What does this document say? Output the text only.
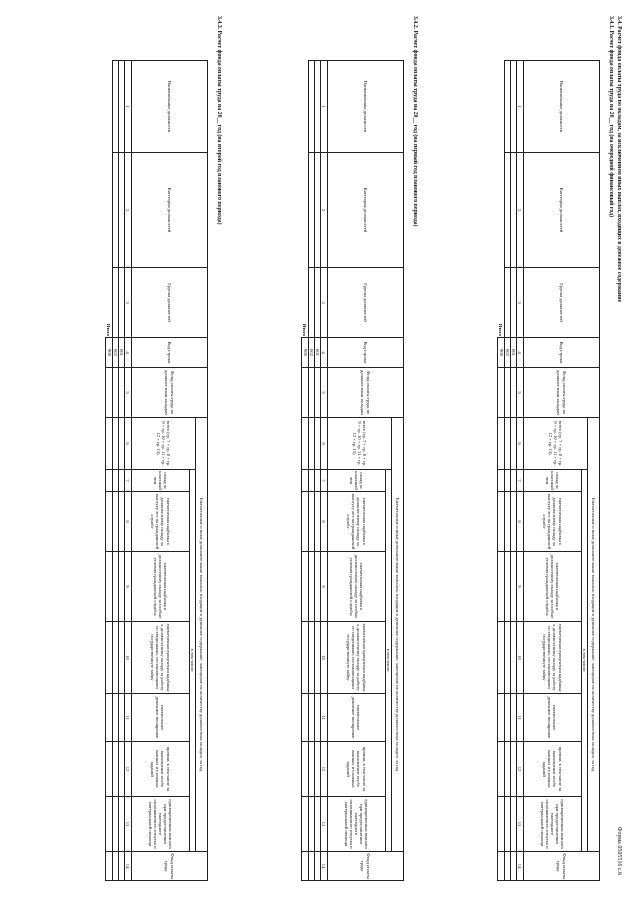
Форма 0505516 с.6
3.4. Расчет фонда оплаты труда по окладам, за исключением иных выплат, входящих в денежное содержание
3.4.1. Расчет фонда оплаты труда на 20__ год (на очередной финансовый год)
Наименование должности	Категория должностей	Группа должностей	Код строки	Фонд оплаты труда по должностным окладам	Ежемесячные и иные дополнительные выплаты, входящие в денежное содержание, замещение по количеству должностных окладов, за год								Фонд оплаты труда
					всего (гр. 7 + гр. 8 + гр. 9 + гр. 10 + гр. 11 + гр. 12 + гр. 13)	в том числе:							
						оклад за классный чин	ежемесячная надбавка к должностному окладу за выслугу лет на гражданской службе	ежемесячная надбавка к должностному окладу за особые условия гражданской службы	ежемесячная процентная надбавка к должностному окладу за работу со сведениями, составляющими государственную тайну	ежемесячное денежное поощрение	премии, в том числе за выполнение особо важных и сложных заданий	единовременная выплата при предоставлении ежегодного оплачиваемого отпуска и материальной помощи	
1	2	3	4	5	6	7	8	9	10	11	12	13	14
			001										
			002										
		Итого	900										
3.4.2. Расчет фонда оплаты труда на 20__ год (на первый год планового периода)
Наименование должности	Категория должностей	Группа должностей	Код строки	Фонд оплаты труда по должностным окладам	Ежемесячные и иные дополнительные выплаты, входящие в денежное содержание, замещение по количеству должностных окладов, за год								Фонд оплаты труда
					всего (гр. 7 + гр. 8 + гр. 9 + гр. 10 + гр. 11 + гр. 12 + гр. 13)	в том числе:							
						оклад за классный чин	ежемесячная надбавка к должностному окладу за выслугу лет на гражданской службе	ежемесячная надбавка к должностному окладу за особые условия гражданской службы	ежемесячная процентная надбавка к должностному окладу за работу со сведениями, составляющими государственную тайну	ежемесячное денежное поощрение	премии, в том числе за выполнение особо важных и сложных заданий	единовременная выплата при предоставлении ежегодного оплачиваемого отпуска и материальной помощи	
1	2	3	4	5	6	7	8	9	10	11	12	13	14
			001										
			002										
		Итого	900										
3.4.3. Расчет фонда оплаты труда на 20__ год (на второй год планового периода)
Наименование должности	Категория должностей	Группа должностей	Код строки	Фонд оплаты труда по должностным окладам	Ежемесячные и иные дополнительные выплаты, входящие в денежное содержание, замещение по количеству должностных окладов, за год								Фонд оплаты труда
					всего (гр. 7 + гр. 8 + гр. 9 + гр. 10 + гр. 11 + гр. 12 + гр. 13)	в том числе:							
						оклад за классный чин	ежемесячная надбавка к должностному окладу за выслугу лет на гражданской службе	ежемесячная надбавка к должностному окладу за особые условия гражданской службы	ежемесячная процентная надбавка к должностному окладу за работу со сведениями, составляющими государственную тайну	ежемесячное денежное поощрение	премии, в том числе за выполнение особо важных и сложных заданий	единовременная выплата при предоставлении ежегодного оплачиваемого отпуска и материальной помощи	
1	2	3	4	5	6	7	8	9	10	11	12	13	14
			001										
			002										
		Итого	900										
